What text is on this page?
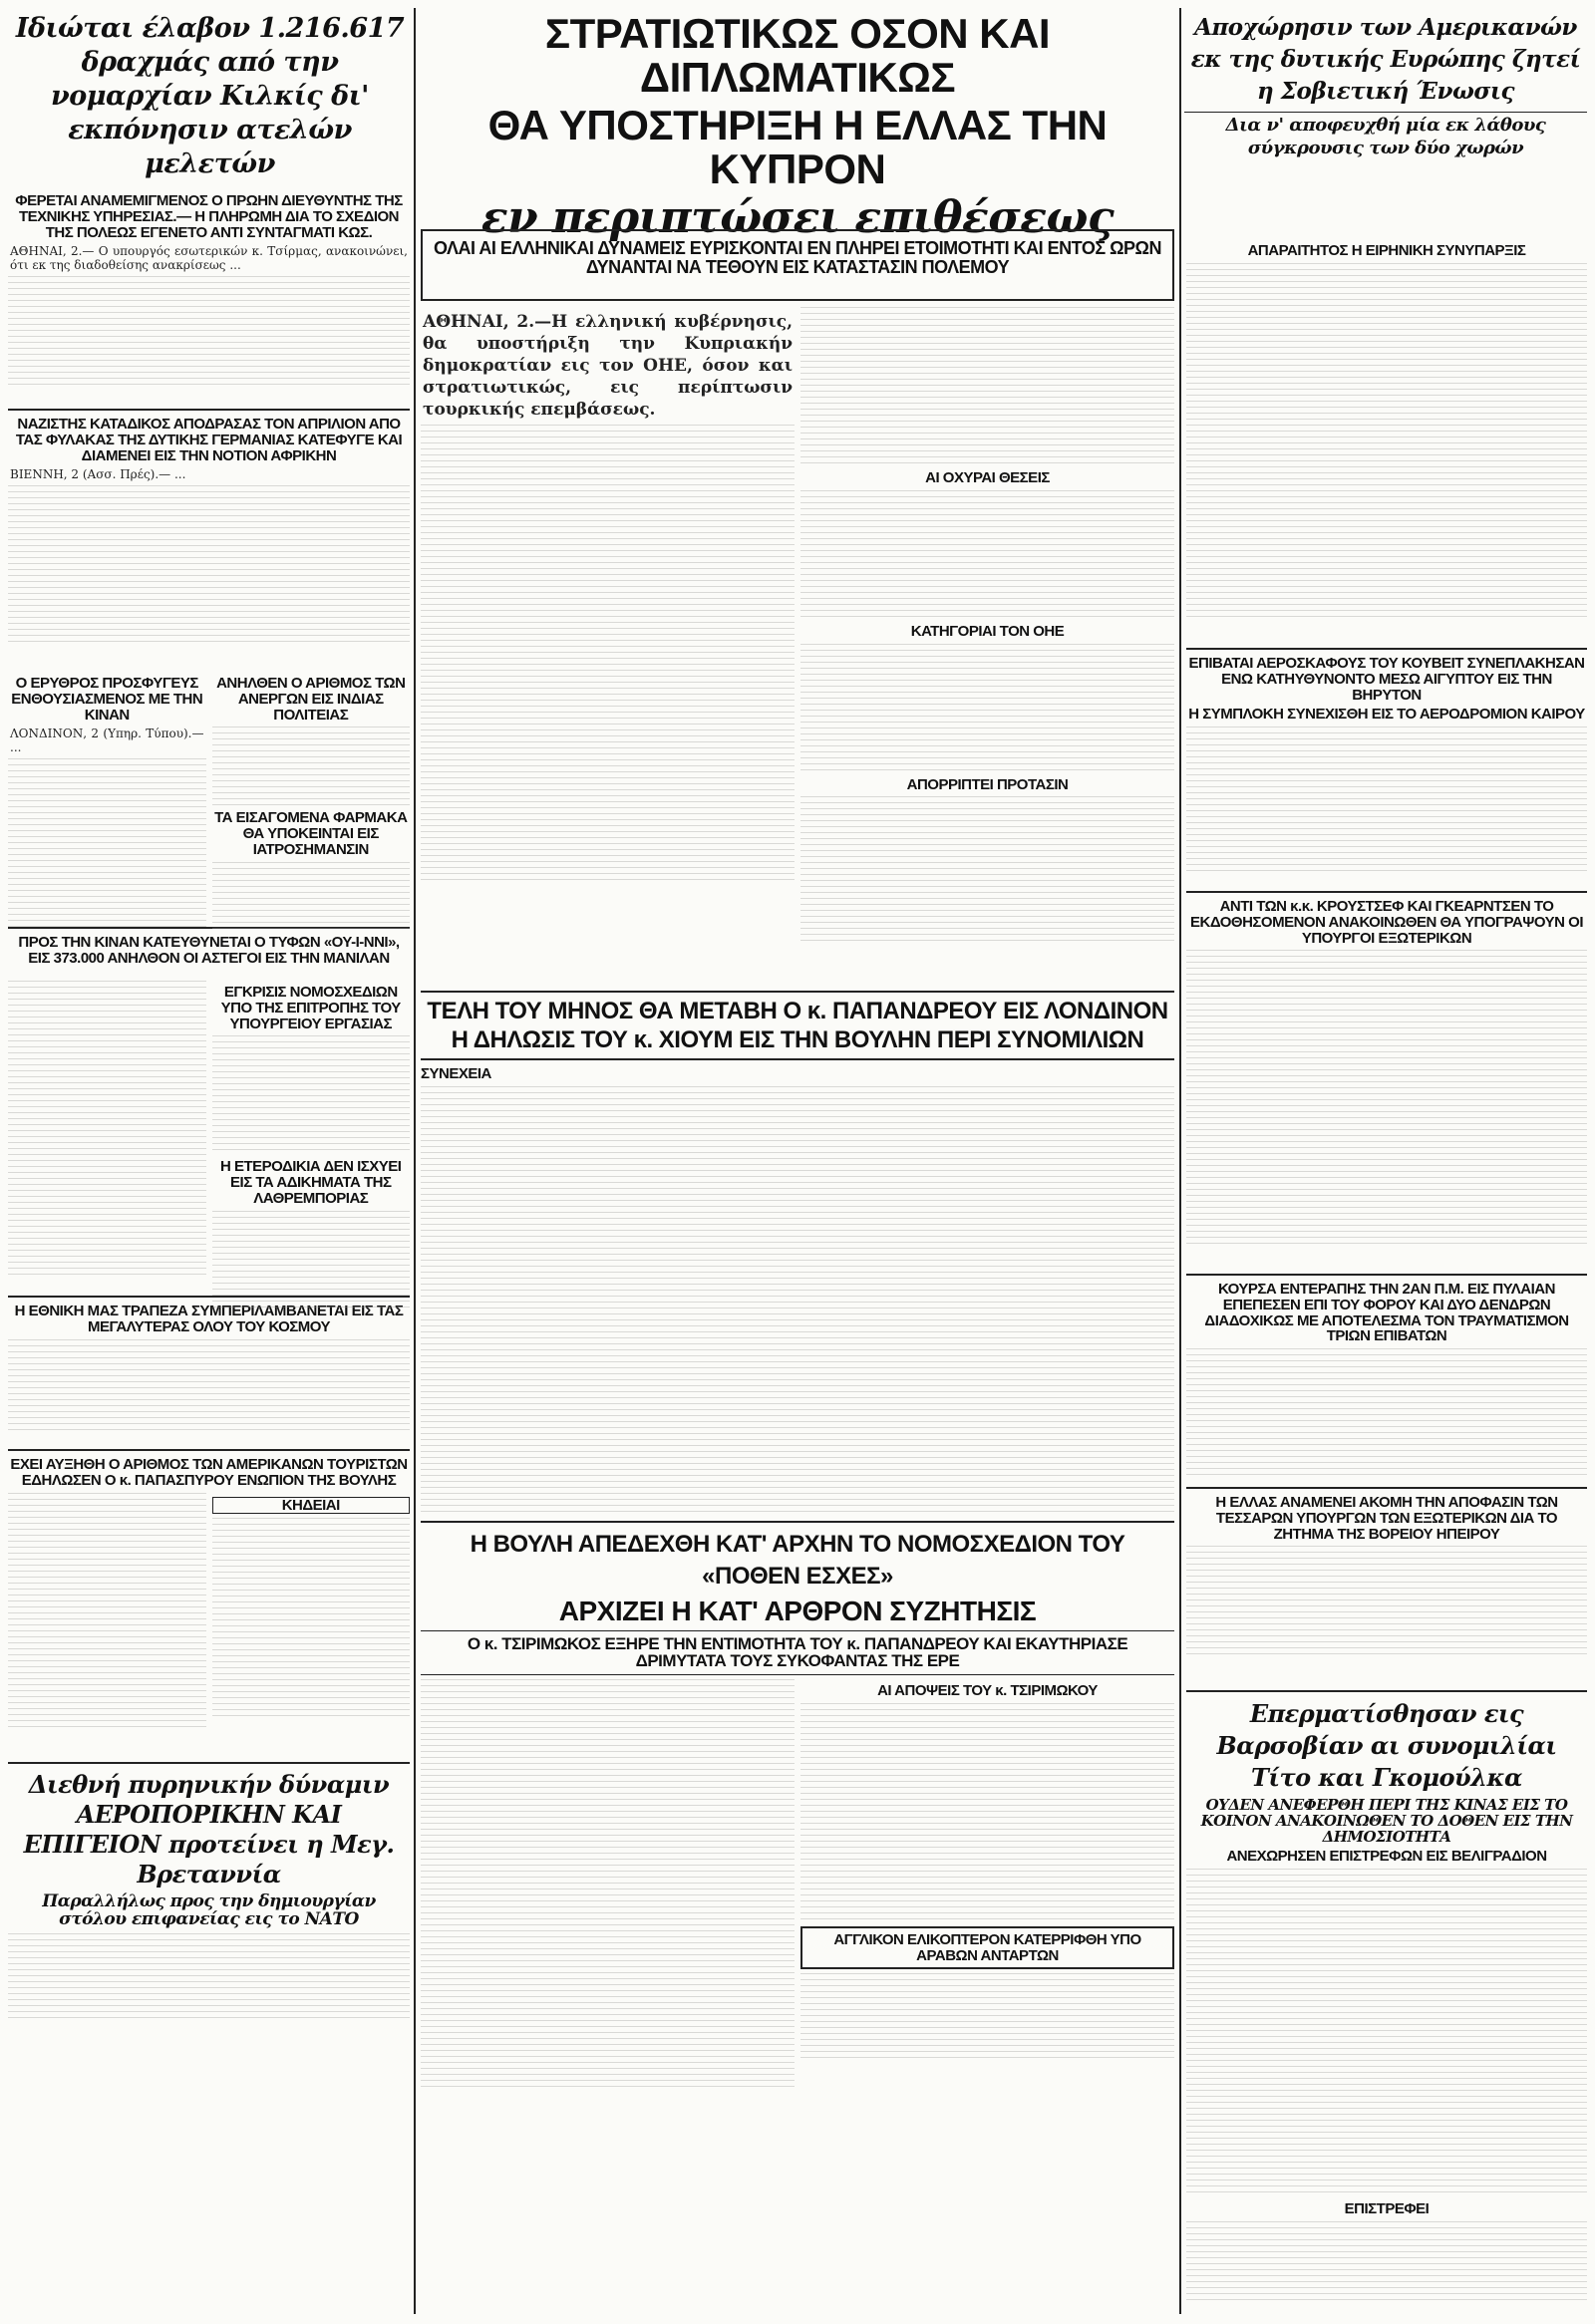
Ιδιώται έλαβον 1.216.617 δραχμάς από την νομαρχίαν Κιλκίς δι' εκπόνησιν ατελών μελετών
ΣΤΡΑΤΙΩΤΙΚΩΣ ΟΣΟΝ ΚΑΙ ΔΙΠΛΩΜΑΤΙΚΩΣ
ΘΑ ΥΠΟΣΤΗΡΙΞΗ Η ΕΛΛΑΣ ΤΗΝ ΚΥΠΡΟΝ
εν περιπτώσει επιθέσεως
Αποχώρησιν των Αμερικανών εκ της δυτικής Ευρώπης ζητεί η Σοβιετική Ένωσις
Δια ν' αποφευχθή μία εκ λάθους
σύγκρουσις των δύο χωρών
ΦΕΡΕΤΑΙ ΑΝΑΜΕΜΙΓΜΕΝΟΣ Ο ΠΡΩΗΝ ΔΙΕΥΘΥΝΤΗΣ ΤΗΣ ΤΕΧΝΙΚΗΣ ΥΠΗΡΕΣΙΑΣ.— Η ΠΛΗΡΩΜΗ ΔΙΑ ΤΟ ΣΧΕΔΙΟΝ ΤΗΣ ΠΟΛΕΩΣ ΕΓΕΝΕΤΟ ΑΝΤΙ ΣΥΝΤΑΓΜΑΤΙ ΚΩΣ.
ΑΘΗΝΑΙ, 2.— Ο υπουργός εσωτερικών κ. Τσίρμας, ανακοινώνει, ότι εκ της διαδοθείσης ανακρίσεως ...
ΝΑΖΙΣΤΗΣ ΚΑΤΑΔΙΚΟΣ ΑΠΟΔΡΑΣΑΣ ΤΟΝ ΑΠΡΙΛΙΟΝ ΑΠΟ ΤΑΣ ΦΥΛΑΚΑΣ ΤΗΣ ΔΥΤΙΚΗΣ ΓΕΡΜΑΝΙΑΣ ΚΑΤΕΦΥΓΕ ΚΑΙ ΔΙΑΜΕΝΕΙ ΕΙΣ ΤΗΝ ΝΟΤΙΟΝ ΑΦΡΙΚΗΝ
ΒΙΕΝΝΗ, 2 (Ασσ. Πρές).— ...
Ο ΕΡΥΘΡΟΣ ΠΡΟΣΦΥΓΕΥΣ ΕΝΘΟΥΣΙΑΣΜΕΝΟΣ ΜΕ ΤΗΝ ΚΙΝΑΝ
ΛΟΝΔΙΝΟΝ, 2 (Υπηρ. Τύπου).— ...
ΑΝΗΛΘΕΝ Ο ΑΡΙΘΜΟΣ ΤΩΝ ΑΝΕΡΓΩΝ ΕΙΣ ΙΝΔΙΑΣ ΠΟΛΙΤΕΙΑΣ
ΤΑ ΕΙΣΑΓΟΜΕΝΑ ΦΑΡΜΑΚΑ ΘΑ ΥΠΟΚΕΙΝΤΑΙ ΕΙΣ ΙΑΤΡΟΣΗΜΑΝΣΙΝ
ΠΡΟΣ ΤΗΝ ΚΙΝΑΝ ΚΑΤΕΥΘΥΝΕΤΑΙ Ο ΤΥΦΩΝ «ΟΥ-Ι-ΝΝΙ», ΕΙΣ 373.000 ΑΝΗΛΘΟΝ ΟΙ ΑΣΤΕΓΟΙ ΕΙΣ ΤΗΝ ΜΑΝΙΛΑΝ
ΕΓΚΡΙΣΙΣ ΝΟΜΟΣΧΕΔΙΩΝ ΥΠΟ ΤΗΣ ΕΠΙΤΡΟΠΗΣ ΤΟΥ ΥΠΟΥΡΓΕΙΟΥ ΕΡΓΑΣΙΑΣ
Η ΕΤΕΡΟΔΙΚΙΑ ΔΕΝ ΙΣΧΥΕΙ ΕΙΣ ΤΑ ΑΔΙΚΗΜΑΤΑ ΤΗΣ ΛΑΘΡΕΜΠΟΡΙΑΣ
Η ΕΘΝΙΚΗ ΜΑΣ ΤΡΑΠΕΖΑ ΣΥΜΠΕΡΙΛΑΜΒΑΝΕΤΑΙ ΕΙΣ ΤΑΣ ΜΕΓΑΛΥΤΕΡΑΣ ΟΛΟΥ ΤΟΥ ΚΟΣΜΟΥ
ΕΧΕΙ ΑΥΞΗΘΗ Ο ΑΡΙΘΜΟΣ ΤΩΝ ΑΜΕΡΙΚΑΝΩΝ ΤΟΥΡΙΣΤΩΝ ΕΔΗΛΩΣΕΝ Ο κ. ΠΑΠΑΣΠΥΡΟΥ ΕΝΩΠΙΟΝ ΤΗΣ ΒΟΥΛΗΣ
ΚΗΔΕΙΑΙ
Διεθνή πυρηνικήν δύναμιν ΑΕΡΟΠΟΡΙΚΗΝ ΚΑΙ ΕΠΙΓΕΙΟΝ προτείνει η Μεγ. Βρεταννία
Παραλλήλως προς την δημιουργίαν στόλου επιφανείας εις το ΝΑΤΟ
ΟΛΑΙ ΑΙ ΕΛΛΗΝΙΚΑΙ ΔΥΝΑΜΕΙΣ ΕΥΡΙΣΚΟΝΤΑΙ ΕΝ ΠΛΗΡΕΙ ΕΤΟΙΜΟΤΗΤΙ ΚΑΙ ΕΝΤΟΣ ΩΡΩΝ ΔΥΝΑΝΤΑΙ ΝΑ ΤΕΘΟΥΝ ΕΙΣ ΚΑΤΑΣΤΑΣΙΝ ΠΟΛΕΜΟΥ
ΑΘΗΝΑΙ, 2.—Η ελληνική κυβέρνησις, θα υποστήριξη την Κυπριακήν δημοκρατίαν εις τον ΟΗΕ, όσον και στρατιωτικώς, εις περίπτωσιν τουρκικής επεμβάσεως.
ΑΙ ΟΧΥΡΑΙ ΘΕΣΕΙΣ
ΚΑΤΗΓΟΡΙΑΙ ΤΟΝ ΟΗΕ
ΑΠΟΡΡΙΠΤΕΙ ΠΡΟΤΑΣΙΝ
ΤΕΛΗ ΤΟΥ ΜΗΝΟΣ ΘΑ ΜΕΤΑΒΗ Ο κ. ΠΑΠΑΝΔΡΕΟΥ ΕΙΣ ΛΟΝΔΙΝΟΝ
Η ΔΗΛΩΣΙΣ ΤΟΥ κ. ΧΙΟΥΜ ΕΙΣ ΤΗΝ ΒΟΥΛΗΝ ΠΕΡΙ ΣΥΝΟΜΙΛΙΩΝ
ΣΥΝΕΧΕΙΑ
Η ΒΟΥΛΗ ΑΠΕΔΕΧΘΗ ΚΑΤ' ΑΡΧΗΝ ΤΟ ΝΟΜΟΣΧΕΔΙΟΝ ΤΟΥ «ΠΟΘΕΝ ΕΣΧΕΣ»
ΑΡΧΙΖΕΙ Η ΚΑΤ' ΑΡΘΡΟΝ ΣΥΖΗΤΗΣΙΣ
Ο κ. ΤΣΙΡΙΜΩΚΟΣ ΕΞΗΡΕ ΤΗΝ ΕΝΤΙΜΟΤΗΤΑ ΤΟΥ κ. ΠΑΠΑΝΔΡΕΟΥ ΚΑΙ ΕΚΑΥΤΗΡΙΑΣΕ ΔΡΙΜΥΤΑΤΑ ΤΟΥΣ ΣΥΚΟΦΑΝΤΑΣ ΤΗΣ ΕΡΕ
ΑΙ ΑΠΟΨΕΙΣ ΤΟΥ κ. ΤΣΙΡΙΜΩΚΟΥ
ΑΓΓΛΙΚΟΝ ΕΛΙΚΟΠΤΕΡΟΝ ΚΑΤΕΡΡΙΦΘΗ ΥΠΟ ΑΡΑΒΩΝ ΑΝΤΑΡΤΩΝ
ΑΠΑΡΑΙΤΗΤΟΣ Η ΕΙΡΗΝΙΚΗ ΣΥΝΥΠΑΡΞΙΣ
ΕΠΙΒΑΤΑΙ ΑΕΡΟΣΚΑΦΟΥΣ ΤΟΥ ΚΟΥΒΕΙΤ ΣΥΝΕΠΛΑΚΗΣΑΝ ΕΝΩ ΚΑΤΗΥΘΥΝΟΝΤΟ ΜΕΣΩ ΑΙΓΥΠΤΟΥ ΕΙΣ ΤΗΝ ΒΗΡΥΤΟΝ
Η ΣΥΜΠΛΟΚΗ ΣΥΝΕΧΙΣΘΗ ΕΙΣ ΤΟ ΑΕΡΟΔΡΟΜΙΟΝ ΚΑΙΡΟΥ
ΑΝΤΙ ΤΩΝ κ.κ. ΚΡΟΥΣΤΣΕΦ ΚΑΙ ΓΚΕΑΡΝΤΣΕΝ ΤΟ ΕΚΔΟΘΗΣΟΜΕΝΟΝ ΑΝΑΚΟΙΝΩΘΕΝ ΘΑ ΥΠΟΓΡΑΨΟΥΝ ΟΙ ΥΠΟΥΡΓΟΙ ΕΞΩΤΕΡΙΚΩΝ
ΚΟΥΡΣΑ ΕΝΤΕΡΑΠΗΣ ΤΗΝ 2ΑΝ Π.Μ. ΕΙΣ ΠΥΛΑΙΑΝ ΕΠΕΠΕΣΕΝ ΕΠΙ ΤΟΥ ΦΟΡΟΥ ΚΑΙ ΔΥΟ ΔΕΝΔΡΩΝ ΔΙΑΔΟΧΙΚΩΣ ΜΕ ΑΠΟΤΕΛΕΣΜΑ ΤΟΝ ΤΡΑΥΜΑΤΙΣΜΟΝ ΤΡΙΩΝ ΕΠΙΒΑΤΩΝ
Η ΕΛΛΑΣ ΑΝΑΜΕΝΕΙ ΑΚΟΜΗ ΤΗΝ ΑΠΟΦΑΣΙΝ ΤΩΝ ΤΕΣΣΑΡΩΝ ΥΠΟΥΡΓΩΝ ΤΩΝ ΕΞΩΤΕΡΙΚΩΝ ΔΙΑ ΤΟ ΖΗΤΗΜΑ ΤΗΣ ΒΟΡΕΙΟΥ ΗΠΕΙΡΟΥ
Επερματίσθησαν εις Βαρσοβίαν αι συνομιλίαι Τίτο και Γκομούλκα
ΟΥΔΕΝ ΑΝΕΦΕΡΘΗ ΠΕΡΙ ΤΗΣ ΚΙΝΑΣ ΕΙΣ ΤΟ ΚΟΙΝΟΝ ΑΝΑΚΟΙΝΩΘΕΝ ΤΟ ΔΟΘΕΝ ΕΙΣ ΤΗΝ ΔΗΜΟΣΙΟΤΗΤΑ
ΑΝΕΧΩΡΗΣΕΝ ΕΠΙΣΤΡΕΦΩΝ ΕΙΣ ΒΕΛΙΓΡΑΔΙΟΝ
ΕΠΙΣΤΡΕΦΕΙ
